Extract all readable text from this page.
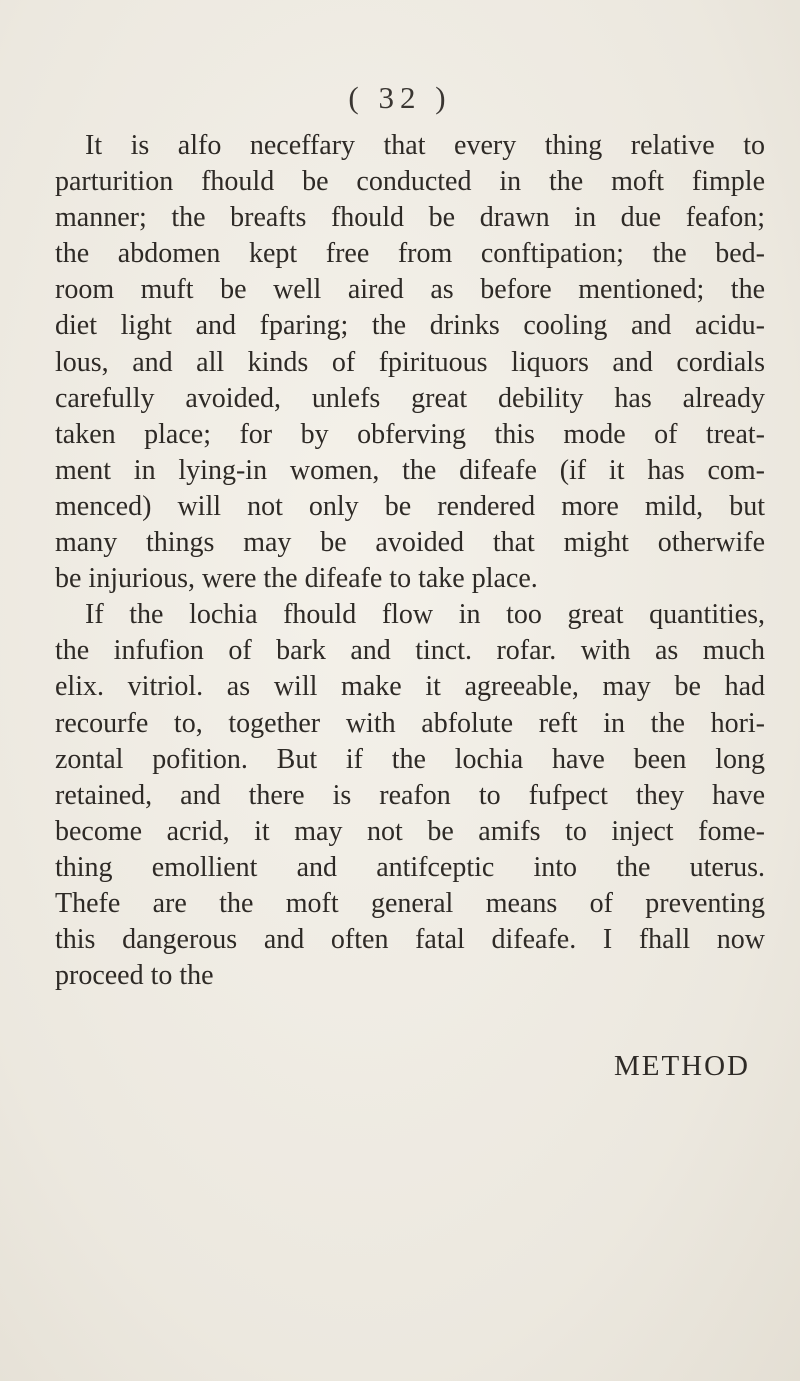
( 32 )
It is alfo neceffary that every thing relative to
parturition fhould be conducted in the moft fimple
manner; the breafts fhould be drawn in due feafon;
the abdomen kept free from conftipation; the bed-
room muft be well aired as before mentioned; the
diet light and fparing; the drinks cooling and acidu-
lous, and all kinds of fpirituous liquors and cordials
carefully avoided, unlefs great debility has already
taken place; for by obferving this mode of treat-
ment in lying-in women, the difeafe (if it has com-
menced) will not only be rendered more mild, but
many things may be avoided that might otherwife
be injurious, were the difeafe to take place.
If the lochia fhould flow in too great quantities,
the infufion of bark and tinct. rofar. with as much
elix. vitriol. as will make it agreeable, may be had
recourfe to, together with abfolute reft in the hori-
zontal pofition. But if the lochia have been long
retained, and there is reafon to fufpect they have
become acrid, it may not be amifs to inject fome-
thing emollient and antifceptic into the uterus.
Thefe are the moft general means of preventing
this dangerous and often fatal difeafe. I fhall now
proceed to the
METHOD
